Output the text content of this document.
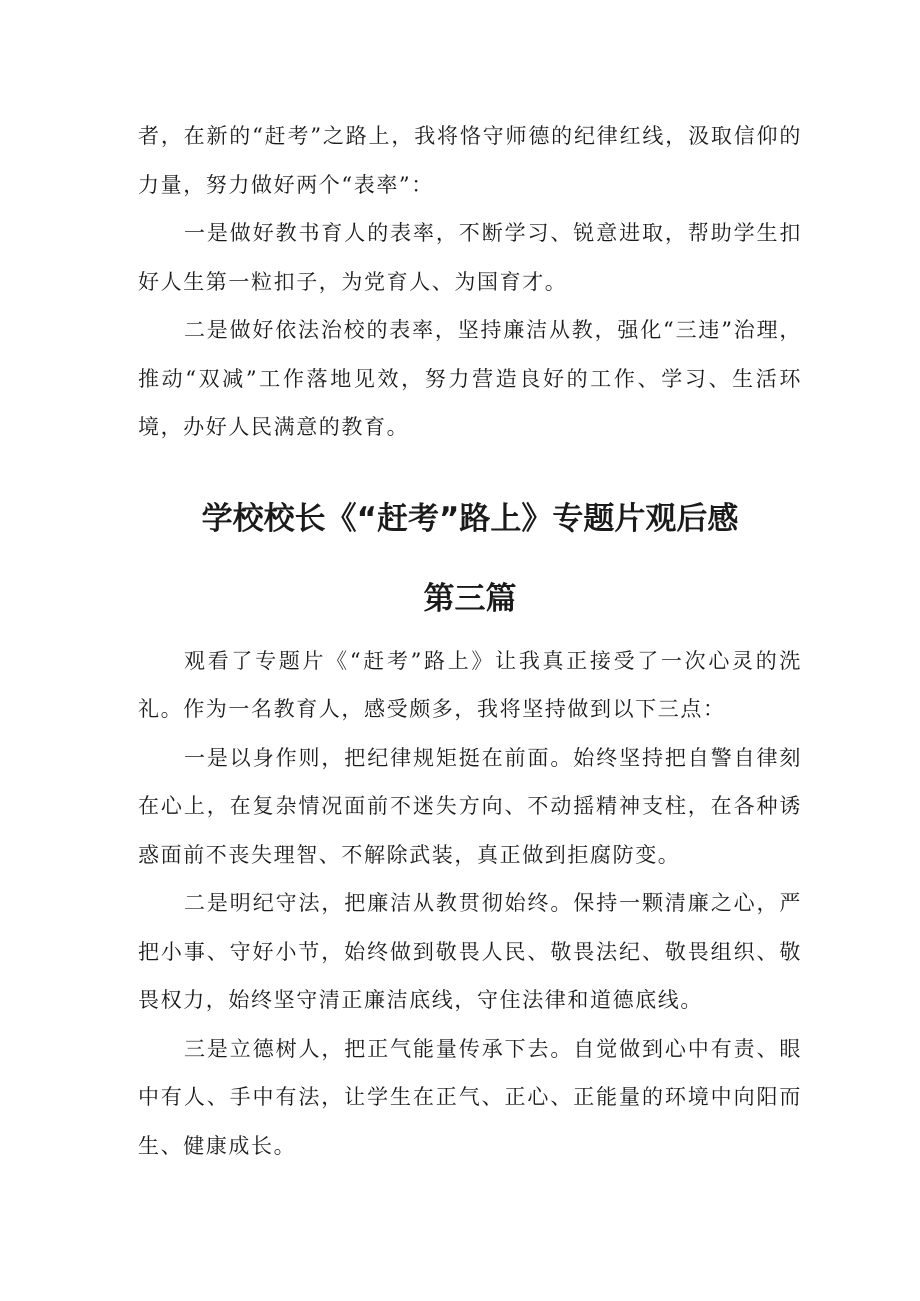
者，在新的“赶考”之路上，我将恪守师德的纪律红线，汲取信仰的力量，努力做好两个“表率”：

一是做好教书育人的表率，不断学习、锐意进取，帮助学生扣好人生第一粒扣子，为党育人、为国育才。

二是做好依法治校的表率，坚持廉洁从教，强化“三违”治理，推动“双减”工作落地见效，努力营造良好的工作、学习、生活环境，办好人民满意的教育。

学校校长《“赶考”路上》专题片观后感

第三篇

观看了专题片《“赶考”路上》让我真正接受了一次心灵的洗礼。作为一名教育人，感受颇多，我将坚持做到以下三点：

一是以身作则，把纪律规矩挺在前面。始终坚持把自警自律刻在心上，在复杂情况面前不迷失方向、不动摇精神支柱，在各种诱惑面前不丧失理智、不解除武装，真正做到拒腐防变。

二是明纪守法，把廉洁从教贯彻始终。保持一颗清廉之心，严把小事、守好小节，始终做到敬畏人民、敬畏法纪、敬畏组织、敬畏权力，始终坚守清正廉洁底线，守住法律和道德底线。

三是立德树人，把正气能量传承下去。自觉做到心中有责、眼中有人、手中有法，让学生在正气、正心、正能量的环境中向阳而生、健康成长。
